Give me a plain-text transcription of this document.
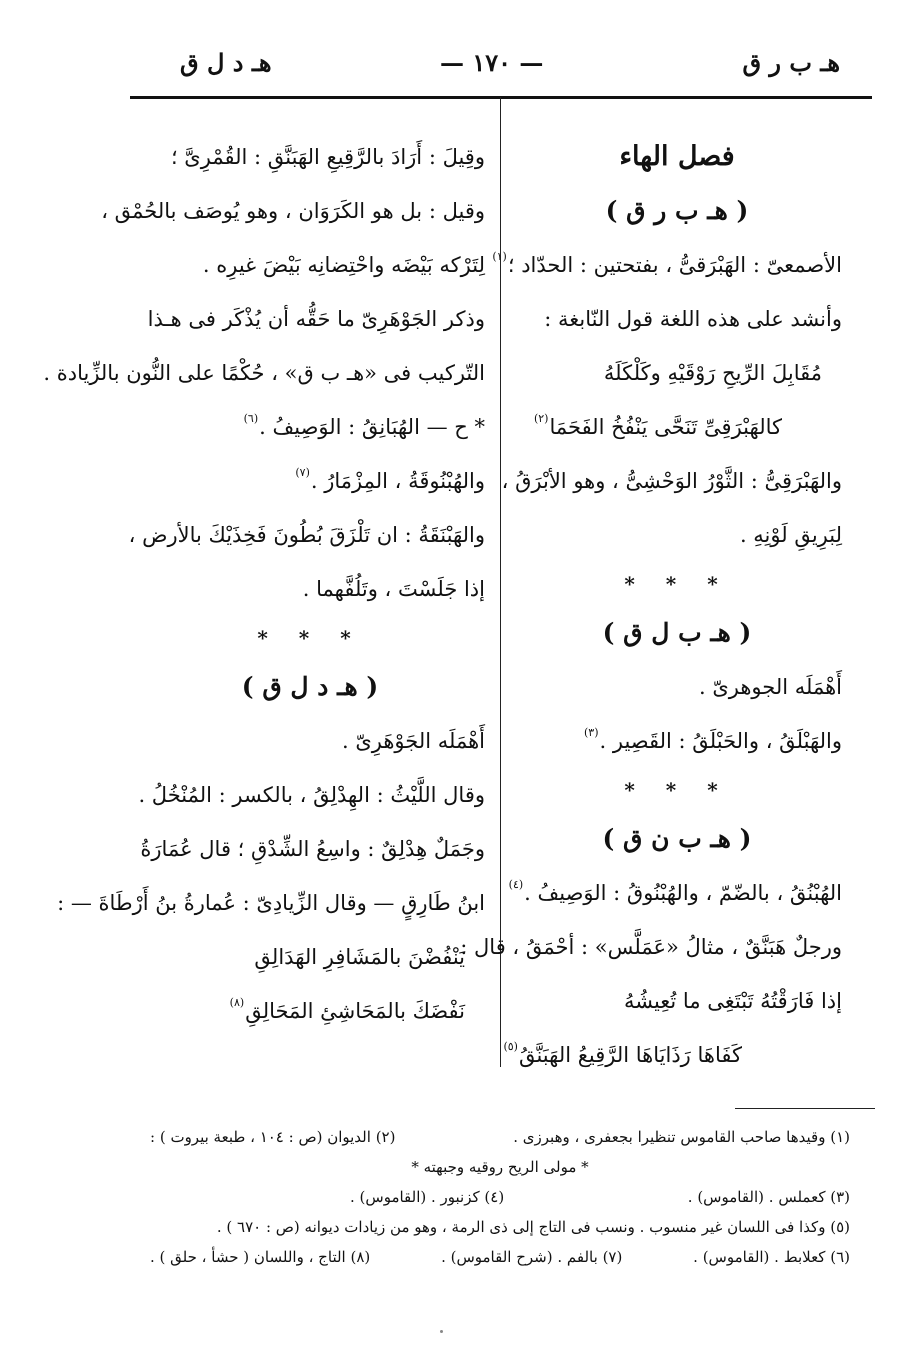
هـ ب ر ق
— ١٧٠ —
هـ د ل ق
فصل الهاء
( هـ ب ر ق )
الأصمعىّ : الهَبْرَقىُّ ، بفتحتين : الحدّاد ؛$^{(١)}$
وأنشد على هذه اللغة قول النّابغة :
مُقَابِلَ الرِّيحِ رَوْقَيْهِ وكَلْكَلَهُ
كالهَبْرَقِىِّ تَنَحَّى يَنْفُخُ الفَحَمَا$^{(٢)}$
والهَبْرَقِىُّ : الثَّوْرُ الوَحْشِىُّ ، وهو الأبْرَقُ ،
لِبَرِيقِ لَوْنِهِ .
* * *
( هـ ب ل ق )
أَهْمَلَه الجوهرىّ .
والهَبْلَقُ ، والحَبْلَقُ : القَصِير .$^{(٣)}$
* * *
( هـ ب ن ق )
الهُبْنُقُ ، بالضّمّ ، والهُبْنُوقُ : الوَصِيفُ .$^{(٤)}$
ورجلٌ هَبَنَّقٌ ، مثالُ «عَمَلَّس» : أحْمَقُ ، قال :
إذا فَارَقْتُهُ تَبْتَغِى ما تُعِيشُهُ
كَفَاهَا رَذَايَاهَا الرَّقِيعُ الهَبَنَّقُ$^{(٥)}$
وقِيلَ : أَرَادَ بالرَّقِيعِ الهَبَنَّقِ : القُمْرِىَّ ؛
وقيل : بل هو الكَرَوَان ، وهو يُوصَف بالحُمْق ،
لِتَرْكه بَيْضَه واحْتِضانِه بَيْضَ غيرِه .
وذكر الجَوْهَرِىّ ما حَقُّه أن يُذْكَر فى هـذا
التّركيب فى «هـ ب ق» ، حُكْمًا على النُّون بالزِّيادة .
* ح — الهُبَانِقُ : الوَصِيفُ .$^{(٦)}$
والهُبْنُوقَةُ ، المِزْمَارُ .$^{(٧)}$
والهَبْنَقَةُ : ان تَلْزَقَ بُطُونَ فَخِذَيْكَ بالأرض ،
إذا جَلَسْتَ ، وتَلُفَّهما .
* * *
( هـ د ل ق )
أَهْمَلَه الجَوْهَرِىّ .
وقال اللَّيْثُ : الهِدْلِقُ ، بالكسر : المُنْخُلُ .
وجَمَلٌ هِدْلِقٌ : واسِعُ الشِّدْقِ ؛ قال عُمَارَةُ
ابنُ طَارِقٍ — وقال الزِّيادِىّ : عُمارةُ بنُ أَرْطَاةَ — :
يَنْفُضْنَ بالمَشَافِرِ الهَدَالِقِ
نَفْضَكَ بالمَحَاشِئِ المَحَالِقِ$^{(٨)}$
(١) وقيدها صاحب القاموس تنظيرا بجعفرى ، وهبرزى .
(٢) الديوان (ص : ١٠٤ ، طبعة بيروت ) :
* مولى الريح روقيه وجبهته *
(٣) كعملس . (القاموس) .
(٤) كزنبور . (القاموس) .
(٥) وكذا فى اللسان غير منسوب . ونسب فى التاج إلى ذى الرمة ، وهو من زيادات ديوانه (ص : ٦٧٠ ) .
(٦) كعلابط . (القاموس) .
(٧) بالفم . (شرح القاموس) .
(٨) التاج ، واللسان ( حشأ ، حلق ) .
